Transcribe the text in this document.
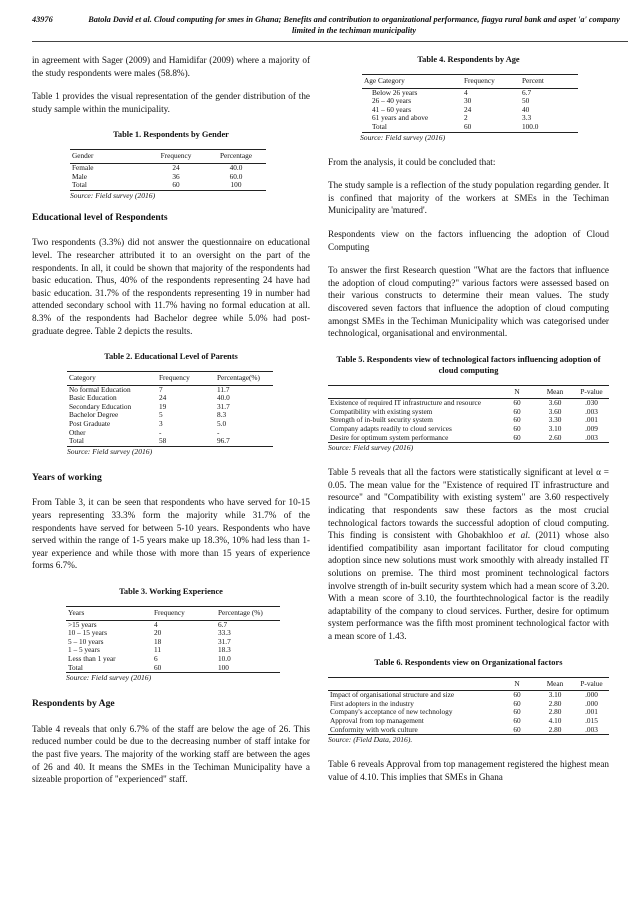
43976	Batola David et al. Cloud computing for smes in Ghana; Benefits and contribution to organizational performance, fiagya rural bank and aspet 'a' company limited in the techiman municipality

in agreement with Sager (2009) and Hamidifar (2009) where a majority of the study respondents were males (58.8%).

Table 1 provides the visual representation of the gender distribution of the study sample within the municipality.

Table 1. Respondents by Gender
Gender	Frequency	Percentage
Female	24	40.0
Male	36	60.0
Total	60	100
Source: Field survey (2016)
Educational level of Respondents

Two respondents (3.3%) did not answer the questionnaire on educational level. The researcher attributed it to an oversight on the part of the respondents. In all, it could be shown that majority of the respondents had basic education. Thus, 40% of the respondents representing 24 have had basic education. 31.7% of the respondents representing 19 in number had attended secondary school with 11.7% having no formal education at all. 8.3% of the respondents had Bachelor degree while 5.0% had post-graduate degree. Table 2 depicts the results.

Table 2. Educational Level of Parents
Category	Frequency	Percentage(%)
No formal Education	7	11.7
Basic Education	24	40.0
Secondary Education	19	31.7
Bachelor Degree	5	8.3
Post Graduate	3	5.0
Other	-	-
Total	58	96.7
Source: Field survey (2016)
Years of working

From Table 3, it can be seen that respondents who have served for 10-15 years representing 33.3% form the majority while 31.7% of the respondents have served for between 5-10 years. Respondents who have served within the range of 1-5 years make up 18.3%, 10% had less than 1-year experience and while those with more than 15 years of experience forms 6.7%.

Table 3. Working Experience
Years	Frequency	Percentage (%)
>15 years	4	6.7
10 – 15 years	20	33.3
5 – 10 years	18	31.7
1 – 5 years	11	18.3
Less than 1 year	6	10.0
Total	60	100
Source: Field survey (2016)
Respondents by Age

Table 4 reveals that only 6.7% of the staff are below the age of 26. This reduced number could be due to the decreasing number of staff intake for the past five years. The majority of the working staff are between the ages of 26 and 40. It means the SMEs in the Techiman Municipality have a sizeable proportion of "experienced" staff.

Table 4. Respondents by Age
Age Category	Frequency	Percent
Below 26 years	4	6.7
26 – 40 years	30	50
41 – 60 years	24	40
61 years and above	2	3.3
Total	60	100.0
Source: Field survey (2016)

From the analysis, it could be concluded that:

The study sample is a reflection of the study population regarding gender. It is confined that majority of the workers at SMEs in the Techiman Municipality are 'matured'.

Respondents view on the factors influencing the adoption of Cloud Computing

To answer the first Research question "What are the factors that influence the adoption of cloud computing?" various factors were assessed based on their various constructs to determine their mean values. The study discovered seven factors that influence the adoption of cloud computing amongst SMEs in the Techiman Municipality which was categorised under technological, organisational and environmental.

Table 5. Respondents view of technological factors influencing adoption of cloud computing
	N	Mean	P-value
Existence of required IT infrastructure and resource	60	3.60	.030
Compatibility with existing system	60	3.60	.003
Strength of in-built security system	60	3.30	.001
Company adapts readily to cloud services	60	3.10	.009
Desire for optimum system performance	60	2.60	.003
Source: Field survey (2016)

Table 5 reveals that all the factors were statistically significant at level α = 0.05. The mean value for the "Existence of required IT infrastructure and resource" and "Compatibility with existing system" are 3.60 respectively indicating that respondents saw these factors as the most crucial technological factors towards the successful adoption of cloud computing. This finding is consistent with Ghobakhloo et al. (2011) whose also identified compatibility asan important facilitator for cloud computing adoption since new solutions must work smoothly with already installed IT solutions on premise. The third most prominent technological factors involve strength of in-built security system which had a mean score of 3.20. With a mean score of 3.10, the fourthtechnological factor is the readily adaptability of the company to cloud services. Further, desire for optimum system performance was the fifth most prominent technological factor with a mean score of 1.43.

Table 6. Respondents view on Organizational factors
	N	Mean	P-value
Impact of organisational structure and size	60	3.10	.000
First adopters in the industry	60	2.80	.000
Company's acceptance of new technology	60	2.80	.001
Approval from top management	60	4.10	.015
Conformity with work culture	60	2.80	.003
Source: (Field Data, 2016).

Table 6 reveals Approval from top management registered the highest mean value of 4.10. This implies that SMEs in Ghana
